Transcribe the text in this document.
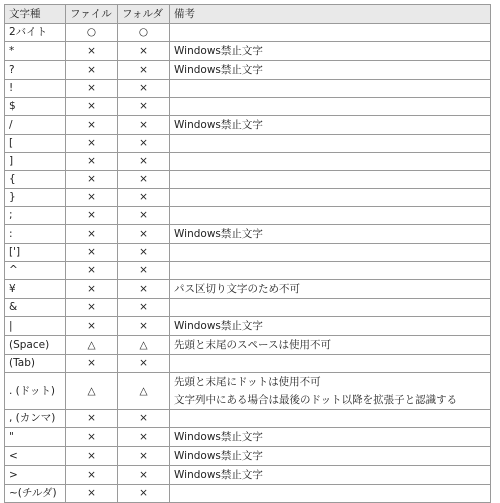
文字種	ファイル	フォルダ	備考
2バイト	○	○	
*	×	×	Windows禁止文字

?	×	×	Windows禁止文字

!	×	×	
$	×	×	
/	×	×	Windows禁止文字

[	×	×	
]	×	×	
{	×	×	
}	×	×	
;	×	×	
:	×	×	Windows禁止文字

[']	×	×	
^	×	×	
¥	×	×	パス区切り文字のため不可

&	×	×	
|	×	×	Windows禁止文字

(Space)	△	△	先頭と末尾のスペースは使用不可

(Tab)	×	×	
. (ドット)	△	△	先頭と末尾にドットは使用不可
文字列中にある場合は最後のドット以降を拡張子と認識する

, (カンマ)	×	×	
"	×	×	Windows禁止文字

<	×	×	Windows禁止文字

>	×	×	Windows禁止文字

~(チルダ)	×	×	
